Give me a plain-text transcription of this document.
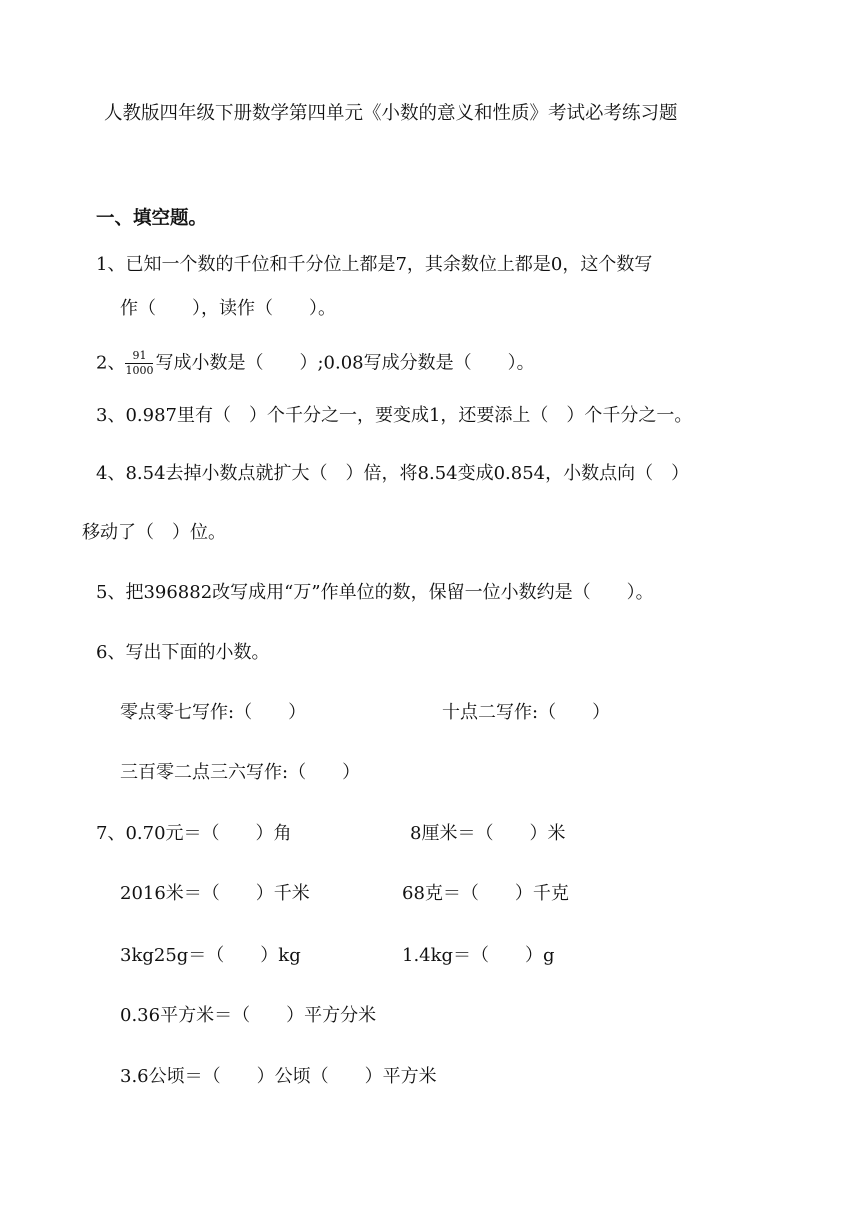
人教版四年级下册数学第四单元《小数的意义和性质》考试必考练习题
一、填空题。
1、已知一个数的千位和千分位上都是7，其余数位上都是0，这个数写
作（　　），读作（　　）。
2、 $\frac{91}{1000}$ 写成小数是（　　）;0.08写成分数是（　　）。
3、0.987里有（　）个千分之一，要变成1，还要添上（　）个千分之一。
4、8.54去掉小数点就扩大（　）倍，将8.54变成0.854，小数点向（　）
移动了（　）位。
5、把396882改写成用“万”作单位的数，保留一位小数约是（　　）。
6、写出下面的小数。
零点零七写作:（　　）	十点二写作:（　　）
三百零二点三六写作:（　　）
7、0.70元＝（　　）角	8厘米＝（　　）米
2016米＝（　　）千米	68克＝（　　）千克
3kg25g＝（　　）kg	1.4kg＝（　　）g
0.36平方米＝（　　）平方分米
3.6公顷＝（　　）公顷（　　）平方米
